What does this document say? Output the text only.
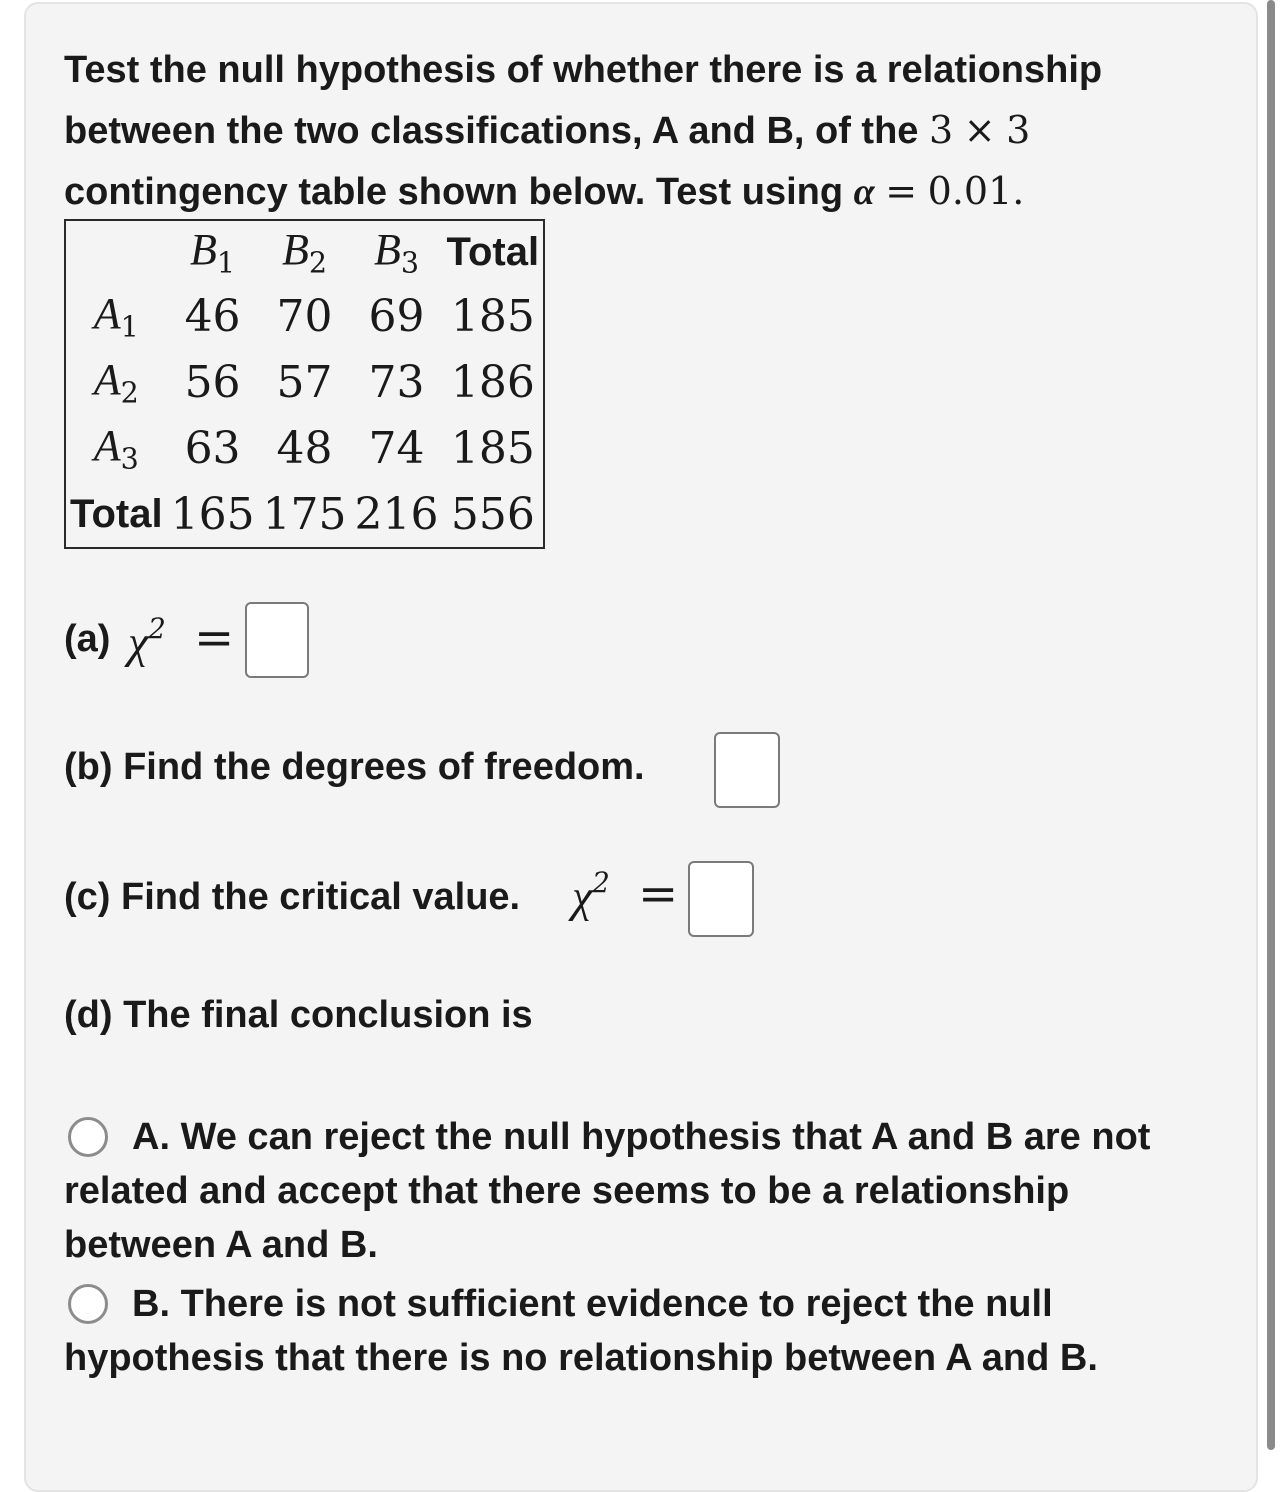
Test the null hypothesis of whether there is a relationship between the two classifications, A and B, of the 3 × 3 contingency table shown below. Test using α = 0.01.
	$B_1$	$B_2$	$B_3$	Total
$A_1$	46	70	69	185
$A_2$	56	57	73	186
$A_3$	63	48	74	185
Total	165	175	216	556
(a) $\chi^2$ =
(b) Find the degrees of freedom.
(c) Find the critical value. $\chi^2$ =
(d) The final conclusion is
A. We can reject the null hypothesis that A and B are not related and accept that there seems to be a relationship between A and B.
B. There is not sufficient evidence to reject the null hypothesis that there is no relationship between A and B.
